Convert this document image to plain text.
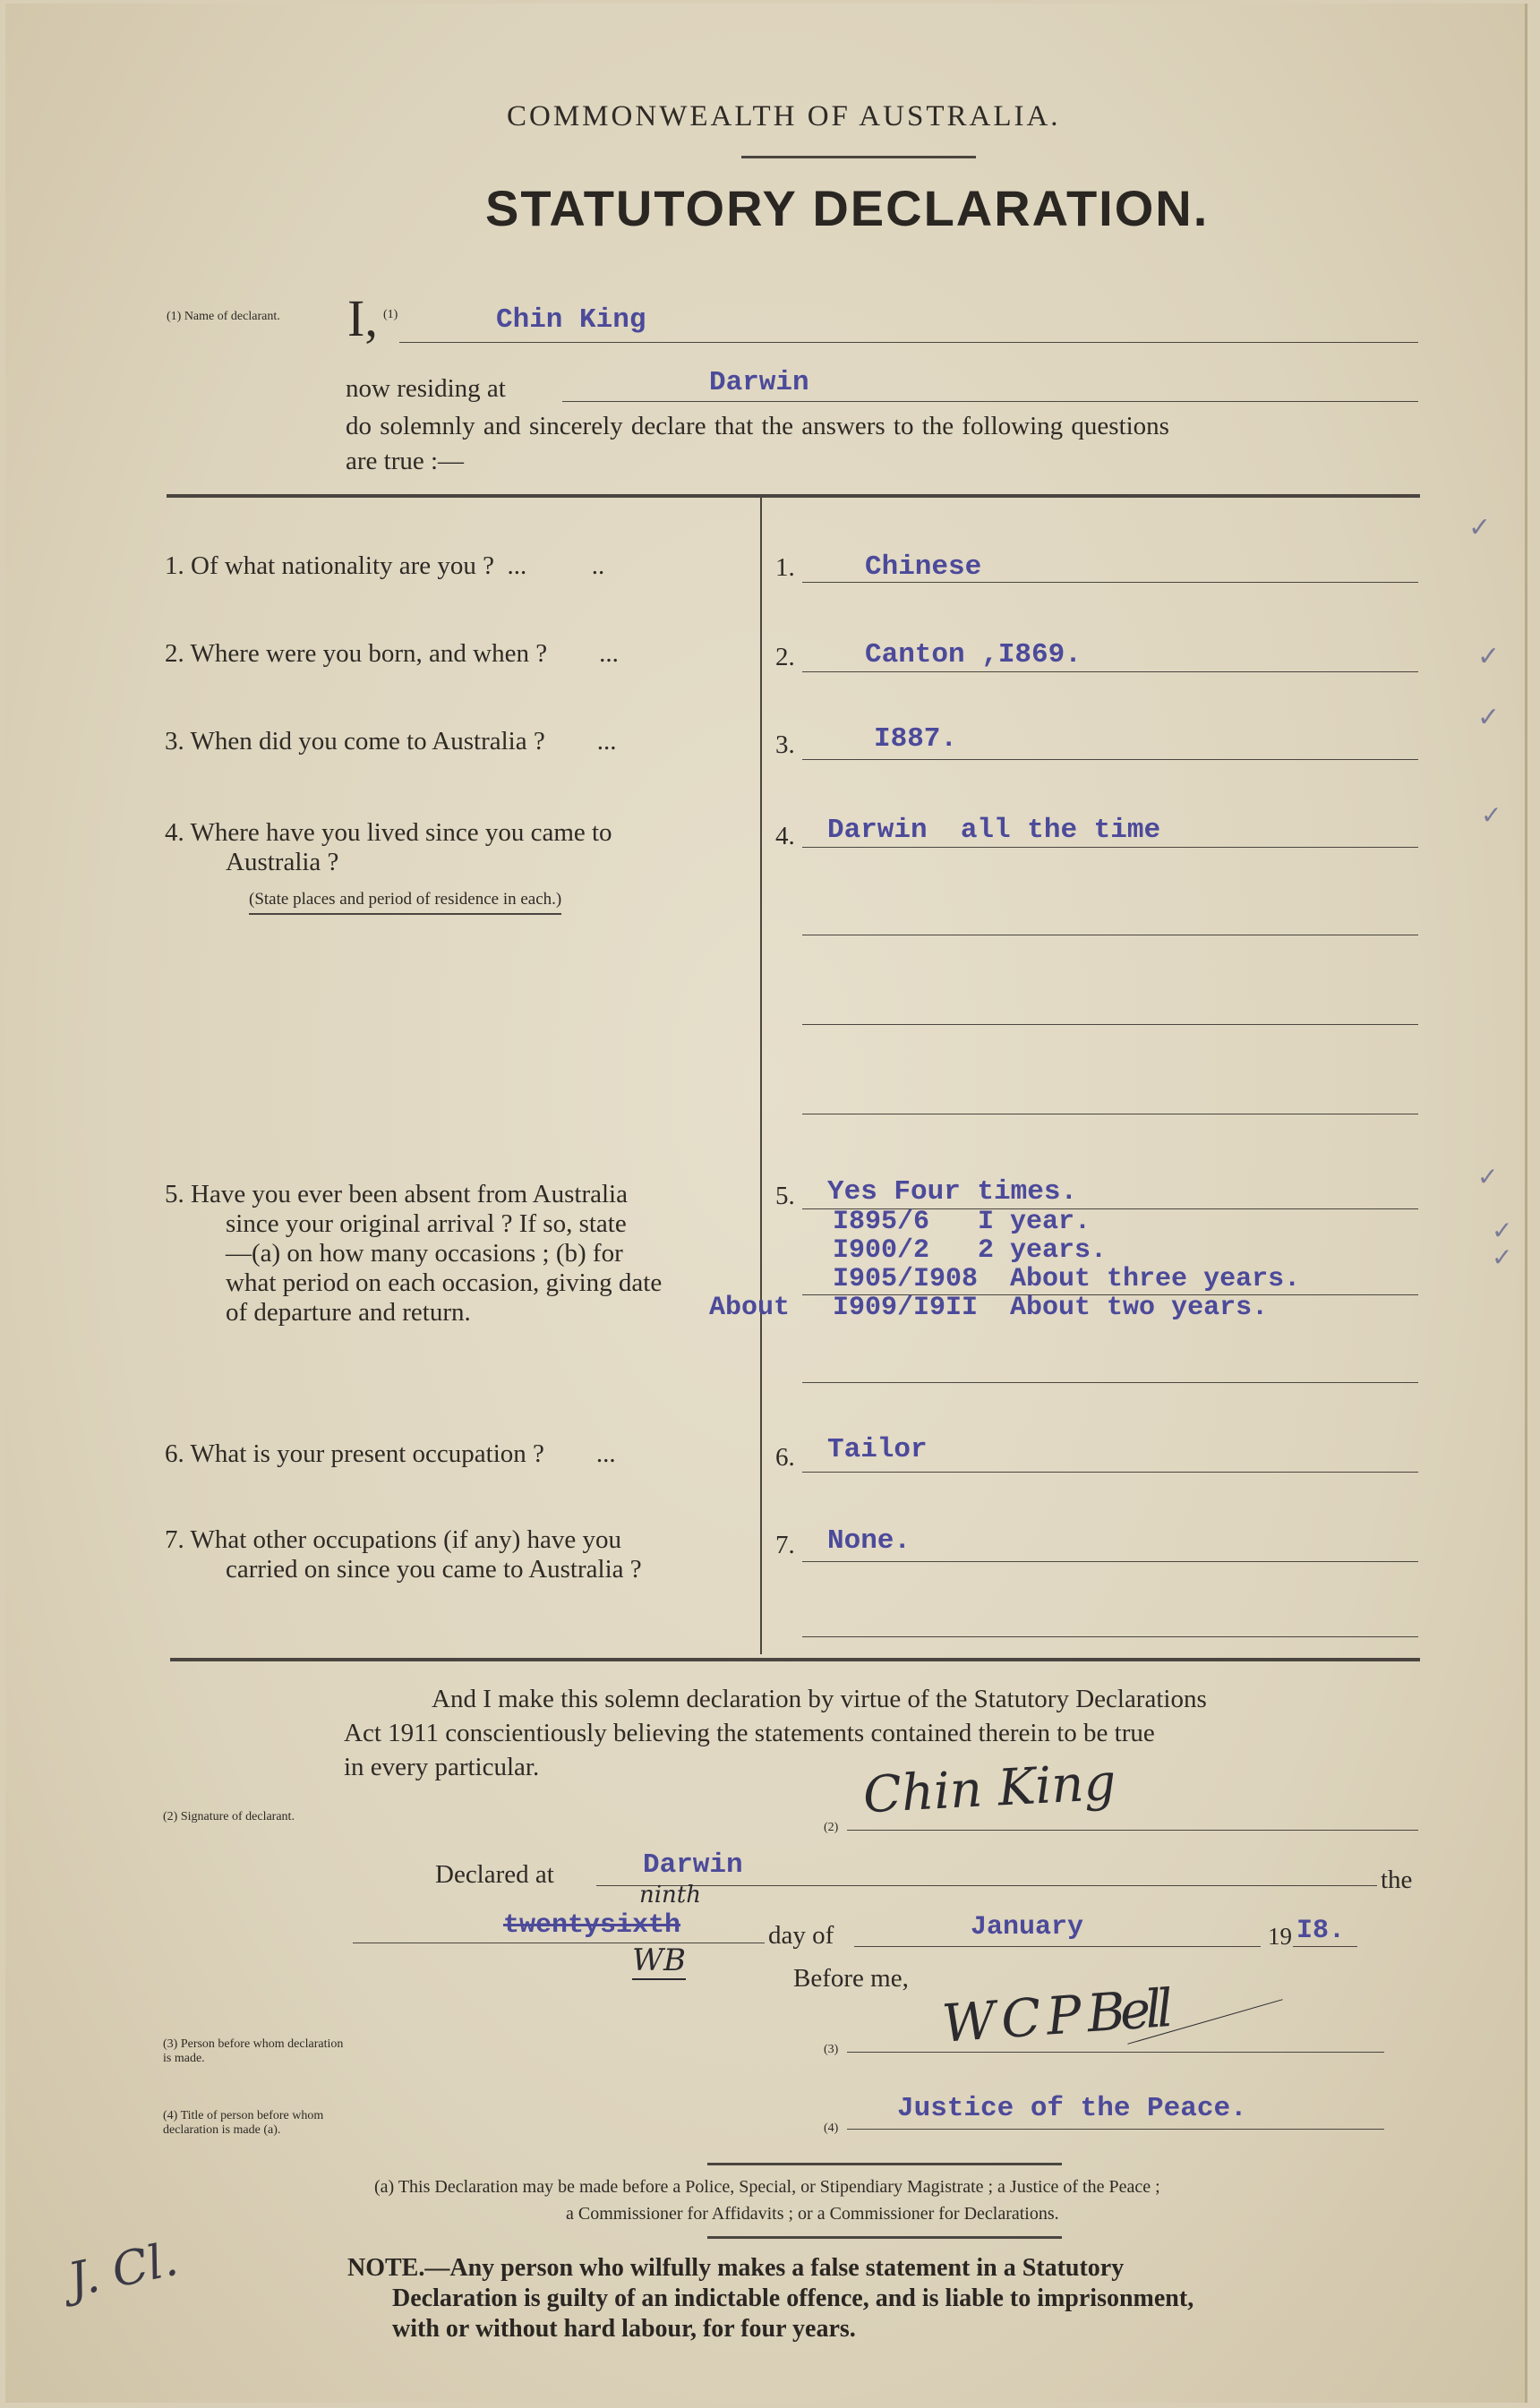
COMMONWEALTH OF AUSTRALIA.
STATUTORY DECLARATION.
(1) Name of declarant. I, (1)	Chin King
now residing at	Darwin
do solemnly and sincerely declare that the answers to the following questions
are true :—
1. Of what nationality are you ?  ...          ..	1.	Chinese
2. Where were you born, and when ?        ...	2.	Canton ,I869.
3. When did you come to Australia ?        ...	3.	I887.
4. Where have you lived since you came to
Australia ?
(State places and period of residence in each.)
4. Darwin  all the time
5. Have you ever been absent from Australia
since your original arrival ? If so, state
—(a) on how many occasions ; (b) for
what period on each occasion, giving date
of departure and return.
5. Yes Four times.
I895/6   I year.
I900/2   2 years.
I905/I908  About three years.
About I909/I9II  About two years.
6. What is your present occupation ?        ...	6. Tailor
7. What other occupations (if any) have you
carried on since you came to Australia ?
7. None.
And I make this solemn declaration by virtue of the Statutory Declarations
Act 1911 conscientiously believing the statements contained therein to be true
in every particular.
(2) Signature of declarant.
(2)
Chin King
Declared at	Darwin	the
ninth
twentysixth	day of	January	19 I8.
WB	Before me,
(3) Person before whom declaration is made.
(3) W C P Bell
(4) Title of person before whom declaration is made (a).	(4)
Justice of the Peace.
(a) This Declaration may be made before a Police, Special, or Stipendiary Magistrate ; a Justice of the Peace ;
a Commissioner for Affidavits ; or a Commissioner for Declarations.
NOTE.—Any person who wilfully makes a false statement in a Statutory
Declaration is guilty of an indictable offence, and is liable to imprisonment,
with or without hard labour, for four years.
J. Cl.
✓
✓
✓
✓
✓
✓
✓
